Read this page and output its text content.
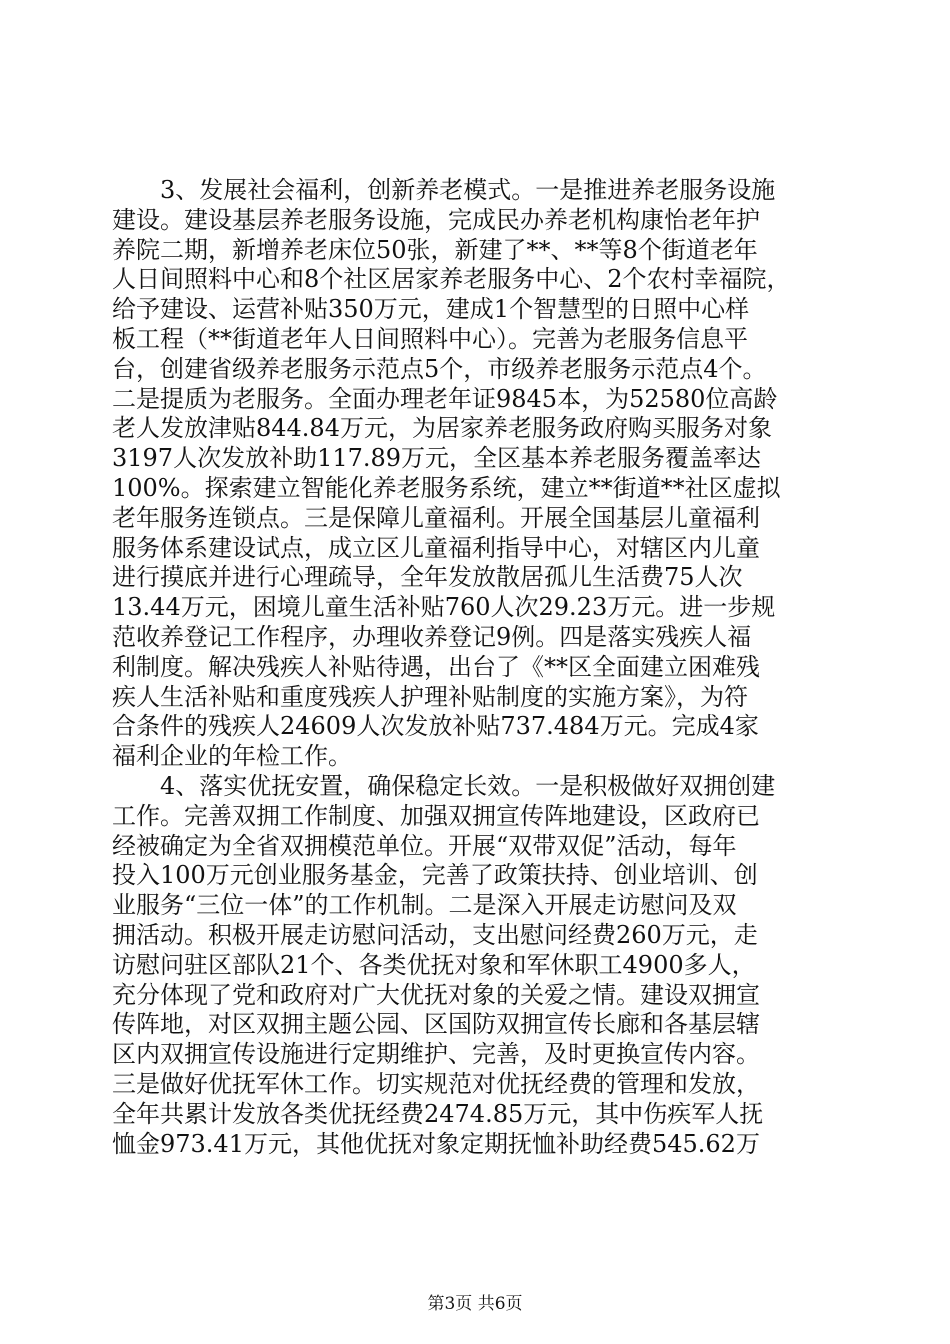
　　3、发展社会福利，创新养老模式。一是推进养老服务设施
建设。建设基层养老服务设施，完成民办养老机构康怡老年护
养院二期，新增养老床位50张，新建了**、**等8个街道老年
人日间照料中心和8个社区居家养老服务中心、2个农村幸福院，
给予建设、运营补贴350万元，建成1个智慧型的日照中心样
板工程（**街道老年人日间照料中心）。完善为老服务信息平
台，创建省级养老服务示范点5个，市级养老服务示范点4个。
二是提质为老服务。全面办理老年证9845本，为52580位高龄
老人发放津贴844.84万元，为居家养老服务政府购买服务对象
3197人次发放补助117.89万元，全区基本养老服务覆盖率达
100%。探索建立智能化养老服务系统，建立**街道**社区虚拟
老年服务连锁点。三是保障儿童福利。开展全国基层儿童福利
服务体系建设试点，成立区儿童福利指导中心，对辖区内儿童
进行摸底并进行心理疏导，全年发放散居孤儿生活费75人次
13.44万元，困境儿童生活补贴760人次29.23万元。进一步规
范收养登记工作程序，办理收养登记9例。四是落实残疾人福
利制度。解决残疾人补贴待遇，出台了《**区全面建立困难残
疾人生活补贴和重度残疾人护理补贴制度的实施方案》，为符
合条件的残疾人24609人次发放补贴737.484万元。完成4家
福利企业的年检工作。
　　4、落实优抚安置，确保稳定长效。一是积极做好双拥创建
工作。完善双拥工作制度、加强双拥宣传阵地建设，区政府已
经被确定为全省双拥模范单位。开展“双带双促”活动，每年
投入100万元创业服务基金，完善了政策扶持、创业培训、创
业服务“三位一体”的工作机制。二是深入开展走访慰问及双
拥活动。积极开展走访慰问活动，支出慰问经费260万元，走
访慰问驻区部队21个、各类优抚对象和军休职工4900多人，
充分体现了党和政府对广大优抚对象的关爱之情。建设双拥宣
传阵地，对区双拥主题公园、区国防双拥宣传长廊和各基层辖
区内双拥宣传设施进行定期维护、完善，及时更换宣传内容。
三是做好优抚军休工作。切实规范对优抚经费的管理和发放，
全年共累计发放各类优抚经费2474.85万元，其中伤疾军人抚
恤金973.41万元，其他优抚对象定期抚恤补助经费545.62万
第3页 共6页
